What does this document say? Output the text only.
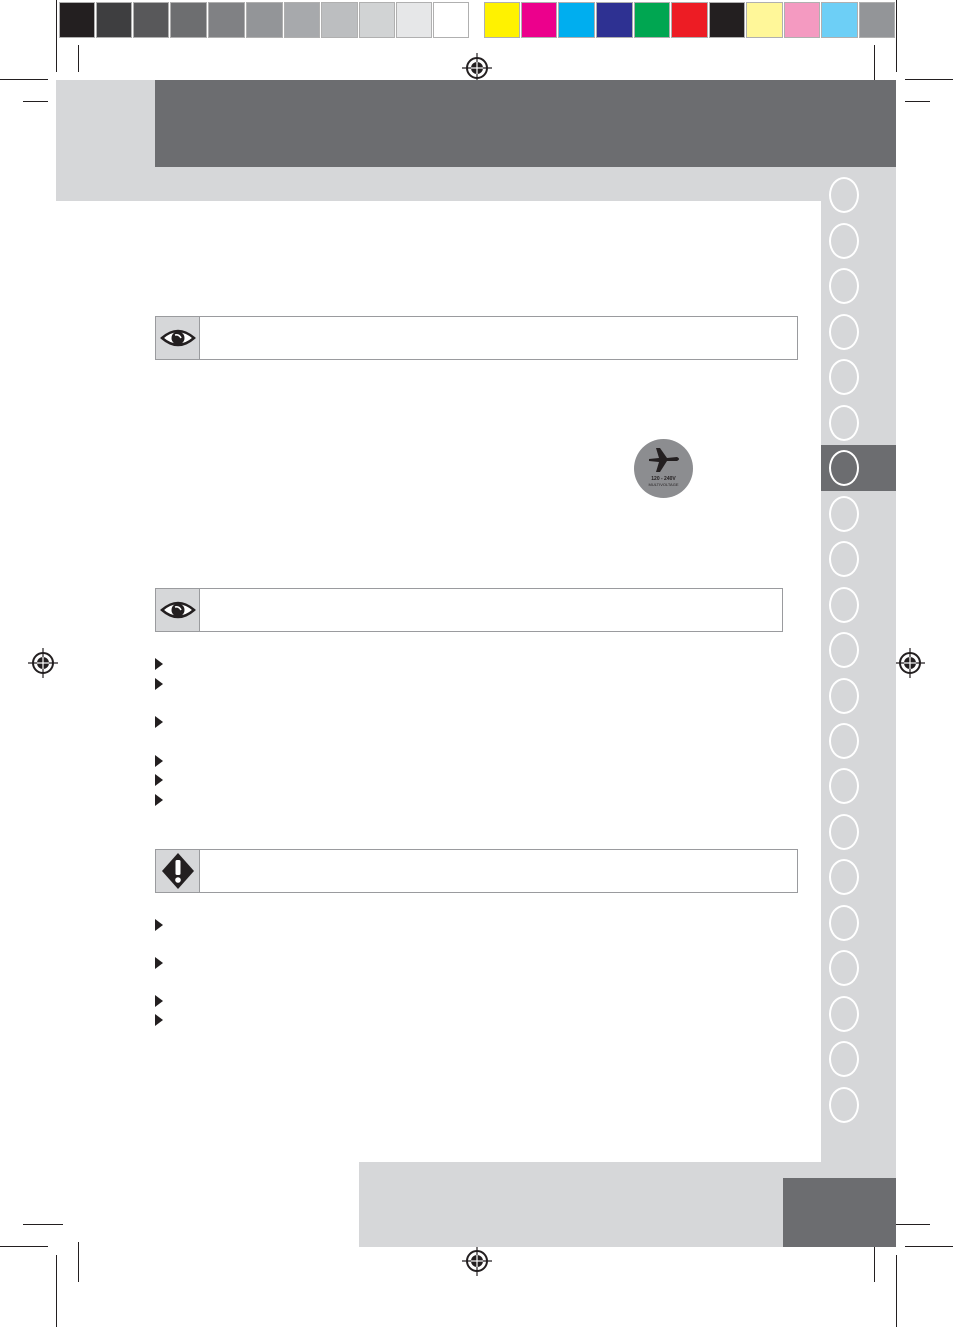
120 - 240V
MULTIVOLTAGE
